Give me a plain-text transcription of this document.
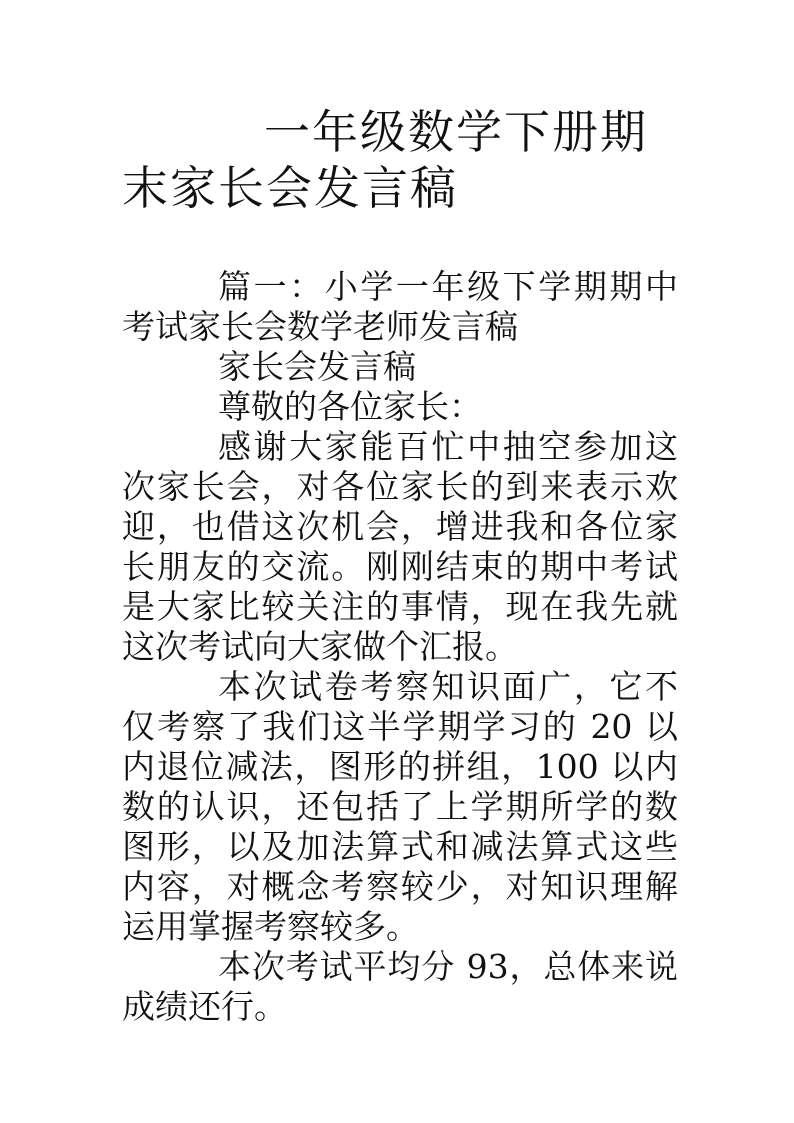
一年级数学下册期末家长会发言稿

篇一：小学一年级下学期期中考试家长会数学老师发言稿

家长会发言稿

尊敬的各位家长：

感谢大家能百忙中抽空参加这次家长会，对各位家长的到来表示欢迎，也借这次机会，增进我和各位家长朋友的交流。刚刚结束的期中考试是大家比较关注的事情，现在我先就这次考试向大家做个汇报。

本次试卷考察知识面广，它不仅考察了我们这半学期学习的 20 以内退位减法，图形的拼组，100 以内数的认识，还包括了上学期所学的数图形，以及加法算式和减法算式这些内容，对概念考察较少，对知识理解运用掌握考察较多。

本次考试平均分 93，总体来说成绩还行。
